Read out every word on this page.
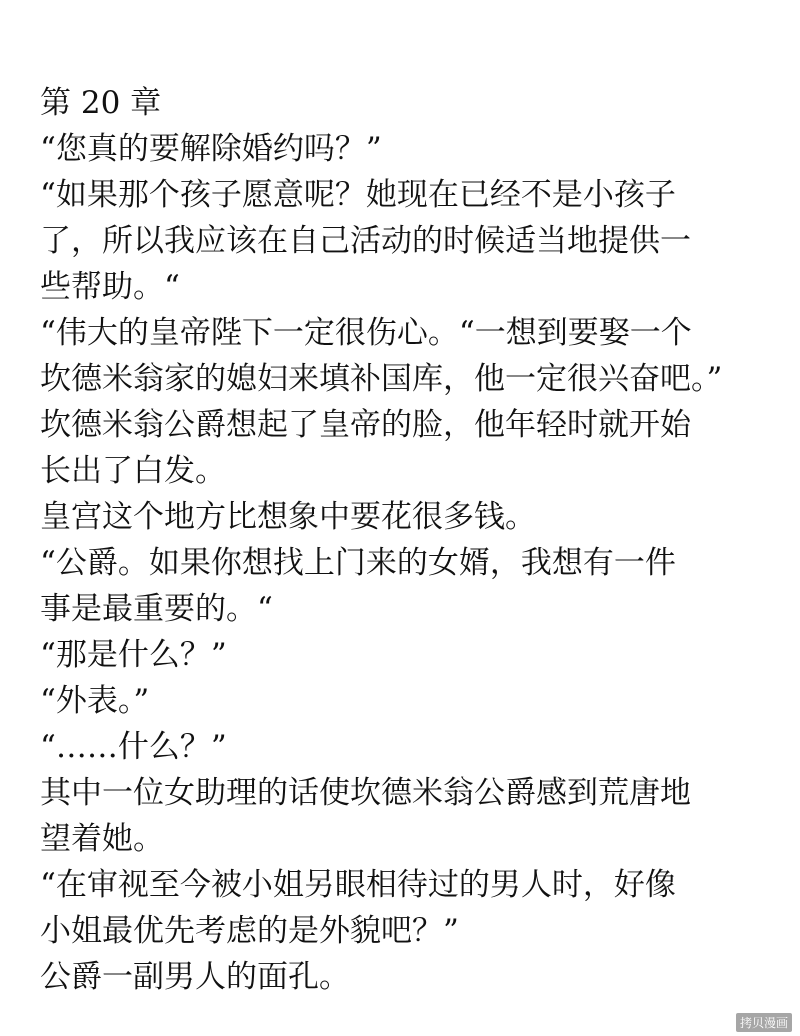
第 20 章
“您真的要解除婚约吗？”
“如果那个孩子愿意呢？她现在已经不是小孩子
了，所以我应该在自己活动的时候适当地提供一
些帮助。“
“伟大的皇帝陛下一定很伤心。“一想到要娶一个
坎德米翁家的媳妇来填补国库，他一定很兴奋吧。”
坎德米翁公爵想起了皇帝的脸，他年轻时就开始
长出了白发。
皇宫这个地方比想象中要花很多钱。
“公爵。如果你想找上门来的女婿，我想有一件
事是最重要的。“
“那是什么？”
“外表。”
“……什么？”
其中一位女助理的话使坎德米翁公爵感到荒唐地
望着她。
“在审视至今被小姐另眼相待过的男人时，好像
小姐最优先考虑的是外貌吧？”
公爵一副男人的面孔。
拷贝漫画
